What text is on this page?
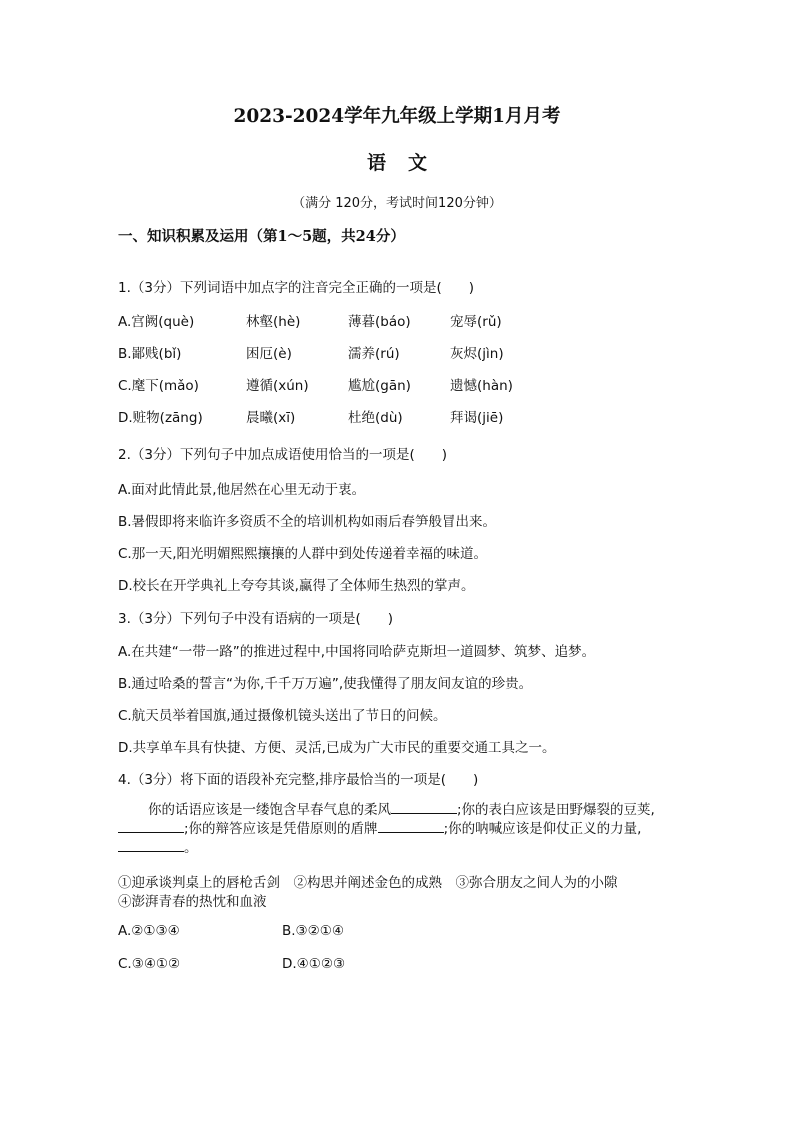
2023-2024学年九年级上学期1月月考
语文
（满分 120分，考试时间120分钟）
一、知识积累及运用（第1～5题，共24分）
1.（3分）下列词语中加点字的注音完全正确的一项是(　　)
A.宫阙(què)	林壑(hè)	薄暮(báo)	宠辱(rǔ)
B.鄙贱(bǐ)	困厄(è)	濡养(rú)	灰烬(jìn)
C.麾下(mǎo)	遵循(xún)	尴尬(gān)	遗憾(hàn)
D.赃物(zāng)	晨曦(xī)	杜绝(dù)	拜谒(jiē)
2.（3分）下列句子中加点成语使用恰当的一项是(　　)
A.面对此情此景,他居然在心里无动于衷。
B.暑假即将来临许多资质不全的培训机构如雨后春笋般冒出来。
C.那一天,阳光明媚熙熙攘攘的人群中到处传递着幸福的味道。
D.校长在开学典礼上夸夸其谈,赢得了全体师生热烈的掌声。
3.（3分）下列句子中没有语病的一项是(　　)
A.在共建“一带一路”的推进过程中,中国将同哈萨克斯坦一道圆梦、筑梦、追梦。
B.通过哈桑的誓言“为你,千千万万遍”,使我懂得了朋友间友谊的珍贵。
C.航天员举着国旗,通过摄像机镜头送出了节日的问候。
D.共享单车具有快捷、方便、灵活,已成为广大市民的重要交通工具之一。
4.（3分）将下面的语段补充完整,排序最恰当的一项是(　　)
你的话语应该是一缕饱含早春气息的柔风	;你的表白应该是田野爆裂的豆荚,;你的辩答应该是凭借原则的盾牌	;你的呐喊应该是仰仗正义的力量,。
①迎承谈判桌上的唇枪舌剑　②构思并阐述金色的成熟　③弥合朋友之间人为的小隙
④澎湃青春的热忱和血液
A.②①③④	B.③②①④
C.③④①②	D.④①②③
